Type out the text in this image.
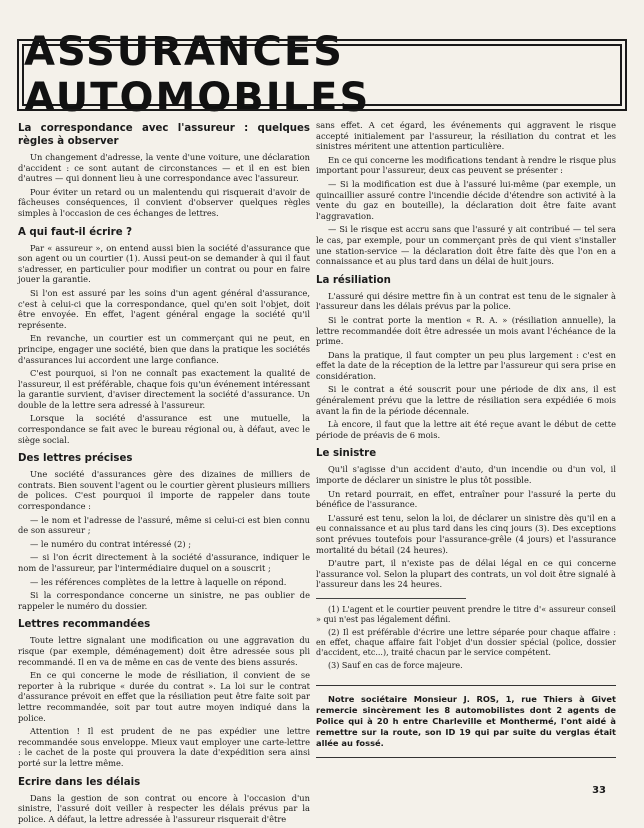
ASSURANCES AUTOMOBILES
La correspondance avec l'assureur : quelques règles à observer

Un changement d'adresse, la vente d'une voiture, une déclaration d'accident : ce sont autant de circonstances — et il en est bien d'autres — qui donnent lieu à une correspondance avec l'assureur.

Pour éviter un retard ou un malentendu qui risquerait d'avoir de fâcheuses conséquences, il convient d'observer quelques règles simples à l'occasion de ces échanges de lettres.

A qui faut-il écrire ?

Par « assureur », on entend aussi bien la société d'assurance que son agent ou un courtier (1). Aussi peut-on se demander à qui il faut s'adresser, en particulier pour modifier un contrat ou pour en faire jouer la garantie.

Si l'on est assuré par les soins d'un agent général d'assurance, c'est à celui-ci que la correspondance, quel qu'en soit l'objet, doit être envoyée. En effet, l'agent général engage la société qu'il représente.

En revanche, un courtier est un commerçant qui ne peut, en principe, engager une société, bien que dans la pratique les sociétés d'assurances lui accordent une large confiance.

C'est pourquoi, si l'on ne connaît pas exactement la qualité de l'assureur, il est préférable, chaque fois qu'un événement intéressant la garantie survient, d'aviser directement la société d'assurance. Un double de la lettre sera adressé à l'assureur.

Lorsque la société d'assurance est une mutuelle, la correspondance se fait avec le bureau régional ou, à défaut, avec le siège social.

Des lettres précises

Une société d'assurances gère des dizaines de milliers de contrats. Bien souvent l'agent ou le courtier gèrent plusieurs milliers de polices. C'est pourquoi il importe de rappeler dans toute correspondance :

— le nom et l'adresse de l'assuré, même si celui-ci est bien connu de son assureur ;

— le numéro du contrat intéressé (2) ;

— si l'on écrit directement à la société d'assurance, indiquer le nom de l'assureur, par l'intermédiaire duquel on a souscrit ;

— les références complètes de la lettre à laquelle on répond.

Si la correspondance concerne un sinistre, ne pas oublier de rappeler le numéro du dossier.

Lettres recommandées

Toute lettre signalant une modification ou une aggravation du risque (par exemple, déménagement) doit être adressée sous pli recommandé. Il en va de même en cas de vente des biens assurés.

En ce qui concerne le mode de résiliation, il convient de se reporter à la rubrique « durée du contrat ». La loi sur le contrat d'assurance prévoit en effet que la résiliation peut être faite soit par lettre recommandée, soit par tout autre moyen indiqué dans la police.

Attention ! Il est prudent de ne pas expédier une lettre recommandée sous enveloppe. Mieux vaut employer une carte-lettre : le cachet de la poste qui prouvera la date d'expédition sera ainsi porté sur la lettre même.

Ecrire dans les délais

Dans la gestion de son contrat ou encore à l'occasion d'un sinistre, l'assuré doit veiller à respecter les délais prévus par la police. A défaut, la lettre adressée à l'assureur risquerait d'être

sans effet. A cet égard, les événements qui aggravent le risque accepté initialement par l'assureur, la résiliation du contrat et les sinistres méritent une attention particulière.

En ce qui concerne les modifications tendant à rendre le risque plus important pour l'assureur, deux cas peuvent se présenter :

— Si la modification est due à l'assuré lui-même (par exemple, un quincaillier assuré contre l'incendie décide d'étendre son activité à la vente du gaz en bouteille), la déclaration doit être faite avant l'aggravation.

— Si le risque est accru sans que l'assuré y ait contribué — tel sera le cas, par exemple, pour un commerçant près de qui vient s'installer une station-service — la déclaration doit être faite dès que l'on en a connaissance et au plus tard dans un délai de huit jours.

La résiliation

L'assuré qui désire mettre fin à un contrat est tenu de le signaler à l'assureur dans les délais prévus par la police.

Si le contrat porte la mention « R. A. » (résiliation annuelle), la lettre recommandée doit être adressée un mois avant l'échéance de la prime.

Dans la pratique, il faut compter un peu plus largement : c'est en effet la date de la réception de la lettre par l'assureur qui sera prise en considération.

Si le contrat a été souscrit pour une période de dix ans, il est généralement prévu que la lettre de résiliation sera expédiée 6 mois avant la fin de la période décennale.

Là encore, il faut que la lettre ait été reçue avant le début de cette période de préavis de 6 mois.

Le sinistre

Qu'il s'agisse d'un accident d'auto, d'un incendie ou d'un vol, il importe de déclarer un sinistre le plus tôt possible.

Un retard pourrait, en effet, entraîner pour l'assuré la perte du bénéfice de l'assurance.

L'assuré est tenu, selon la loi, de déclarer un sinistre dès qu'il en a eu connaissance et au plus tard dans les cinq jours (3). Des exceptions sont prévues toutefois pour l'assurance-grêle (4 jours) et l'assurance mortalité du bétail (24 heures).

D'autre part, il n'existe pas de délai légal en ce qui concerne l'assurance vol. Selon la plupart des contrats, un vol doit être signalé à l'assureur dans les 24 heures.

(1) L'agent et le courtier peuvent prendre le titre d'« assureur conseil » qui n'est pas légalement défini.
(2) Il est préférable d'écrire une lettre séparée pour chaque affaire : en effet, chaque affaire fait l'objet d'un dossier spécial (police, dossier d'accident, etc...), traité chacun par le service compétent.
(3) Sauf en cas de force majeure.
Notre sociétaire Monsieur J. ROS, 1, rue Thiers à Givet remercie sincèrement les 8 automobilistes dont 2 agents de Police qui à 20 h entre Charleville et Monthermé, l'ont aidé à remettre sur la route, son ID 19 qui par suite du verglas était allée au fossé.
33
